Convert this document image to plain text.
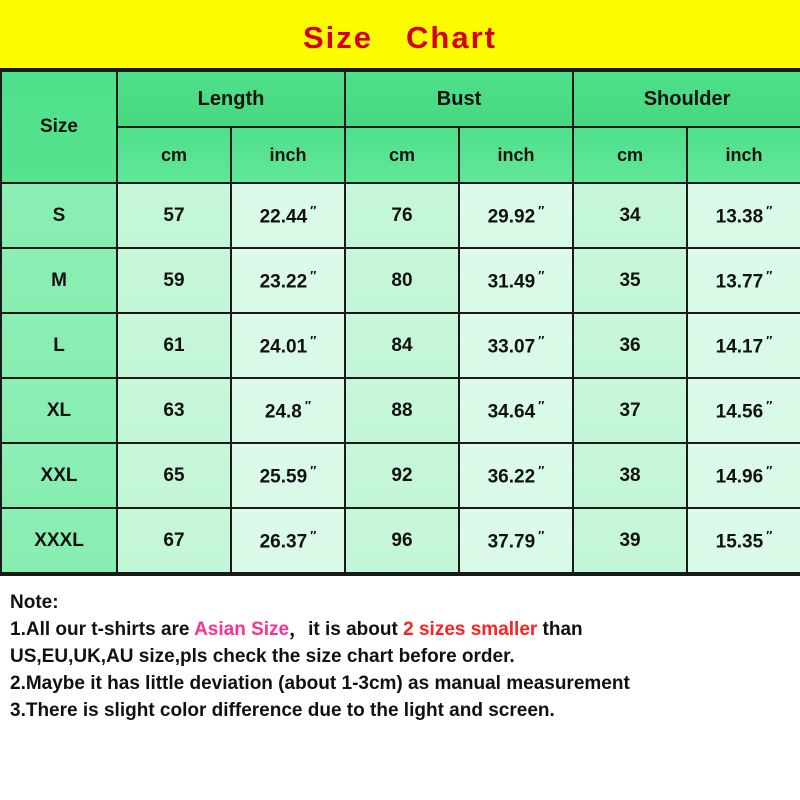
Size　Chart
Size	Length		Bust		Shoulder	
	cm	inch	cm	inch	cm	inch
S	57	22.44 ″	76	29.92 ″	34	13.38 ″
M	59	23.22 ″	80	31.49 ″	35	13.77 ″
L	61	24.01 ″	84	33.07 ″	36	14.17 ″
XL	63	24.8 ″	88	34.64 ″	37	14.56 ″
XXL	65	25.59 ″	92	36.22 ″	38	14.96 ″
XXXL	67	26.37 ″	96	37.79 ″	39	15.35 ″
Note:
1.All our t-shirts are Asian Size，it is about 2 sizes smaller than
US,EU,UK,AU size,pls check the size chart before order.
2.Maybe it has little deviation (about 1-3cm) as manual measurement
3.There is slight color difference due to the light and screen.
